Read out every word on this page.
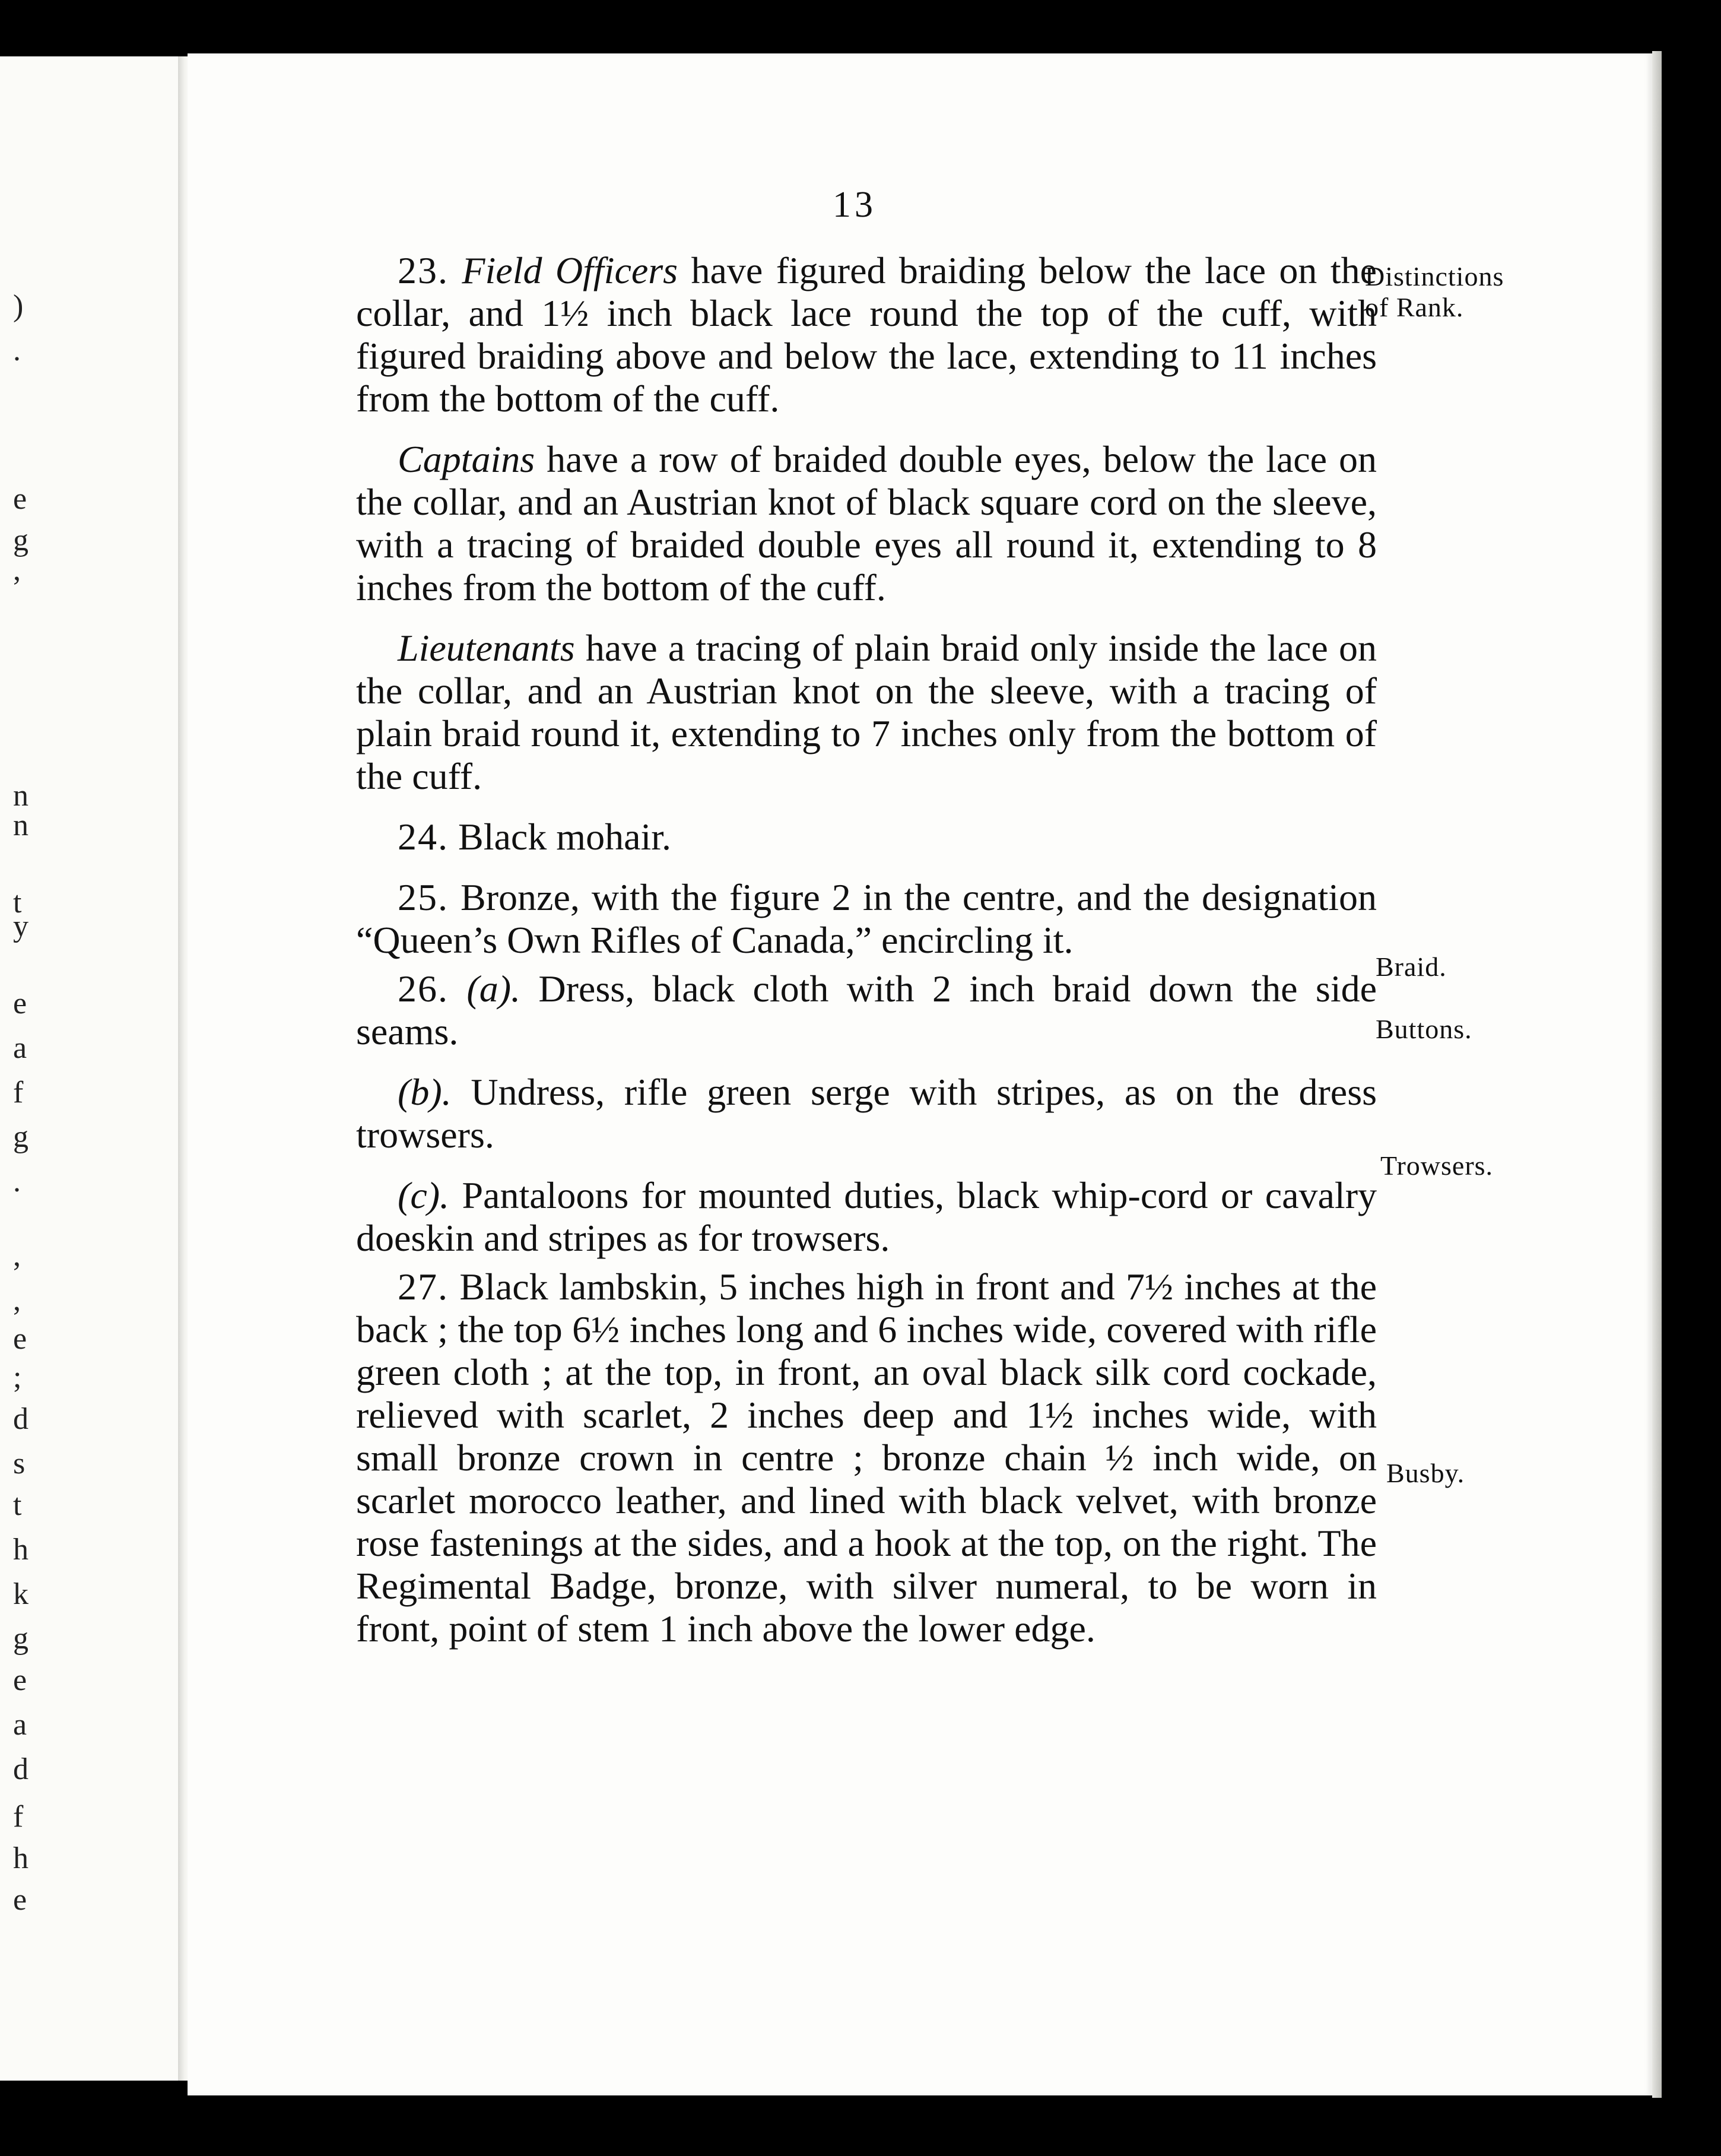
)
.
e
g
,
n
n
t
y
e
a
f
g
.
,
,
e
;
d
s
t
h
k
g
e
a
d
f
h
e
13

23. Field Officers have figured braiding below the lace on the collar, and 1½ inch black lace round the top of the cuff, with figured braiding above and below the lace, extending to 11 inches from the bottom of the cuff.

Captains have a row of braided double eyes, below the lace on the collar, and an Austrian knot of black square cord on the sleeve, with a tracing of braided double eyes all round it, extending to 8 inches from the bottom of the cuff.

Lieutenants have a tracing of plain braid only inside the lace on the collar, and an Austrian knot on the sleeve, with a tracing of plain braid round it, extending to 7 inches only from the bottom of the cuff.

24. Black mohair.

25. Bronze, with the figure 2 in the centre, and the designation “Queen’s Own Rifles of Canada,” encircling it.

26. (a). Dress, black cloth with 2 inch braid down the side seams.

(b). Undress, rifle green serge with stripes, as on the dress trowsers.

(c). Pantaloons for mounted duties, black whip-cord or cavalry doeskin and stripes as for trowsers.

27. Black lambskin, 5 inches high in front and 7½ inches at the back ; the top 6½ inches long and 6 inches wide, covered with rifle green cloth ; at the top, in front, an oval black silk cord cockade, relieved with scarlet, 2 inches deep and 1½ inches wide, with small bronze crown in centre ; bronze chain ½ inch wide, on scarlet morocco leather, and lined with black velvet, with bronze rose fastenings at the sides, and a hook at the top, on the right. The Regimental Badge, bronze, with silver numeral, to be worn in front, point of stem 1 inch above the lower edge.

Distinctions
of Rank.
Braid.
Buttons.
Trowsers.
Busby.
